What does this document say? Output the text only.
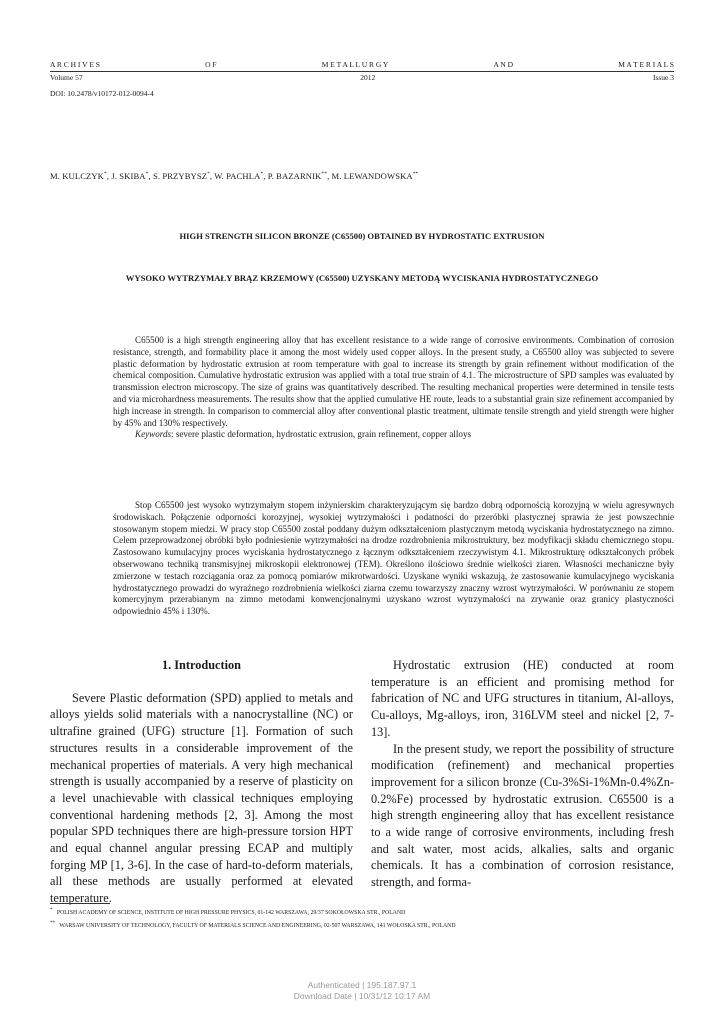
A R C H I V E S	O F	M E T A L L U R G Y	A N D	M A T E R I A L S
Volume 57	2012	Issue 3
DOI: 10.2478/v10172-012-0094-4
M. KULCZYK*, J. SKIBA*, S. PRZYBYSZ*, W. PACHLA*, P. BAZARNIK**, M. LEWANDOWSKA**
HIGH STRENGTH SILICON BRONZE (C65500) OBTAINED BY HYDROSTATIC EXTRUSION
WYSOKO WYTRZYMAŁY BRĄZ KRZEMOWY (C65500) UZYSKANY METODĄ WYCISKANIA HYDROSTATYCZNEGO

C65500 is a high strength engineering alloy that has excellent resistance to a wide range of corrosive environments. Combination of corrosion resistance, strength, and formability place it among the most widely used copper alloys. In the present study, a C65500 alloy was subjected to severe plastic deformation by hydrostatic extrusion at room temperature with goal to increase its strength by grain refinement without modification of the chemical composition. Cumulative hydrostatic extrusion was applied with a total true strain of 4.1. The microstructure of SPD samples was evaluated by transmission electron microscopy. The size of grains was quantitatively described. The resulting mechanical properties were determined in tensile tests and via microhardness measurements. The results show that the applied cumulative HE route, leads to a substantial grain size refinement accompanied by high increase in strength. In comparison to commercial alloy after conventional plastic treatment, ultimate tensile strength and yield strength were higher by 45% and 130% respectively.

Keywords: severe plastic deformation, hydrostatic extrusion, grain refinement, copper alloys

Stop C65500 jest wysoko wytrzymałym stopem inżynierskim charakteryzującym się bardzo dobrą odpornością korozyjną w wielu agresywnych środowiskach. Połączenie odporności korozyjnej, wysokiej wytrzymałości i podatności do przeróbki plastycznej sprawia że jest powszechnie stosowanym stopem miedzi. W pracy stop C65500 został poddany dużym odkształceniom plastycznym metodą wyciskania hydrostatycznego na zimno. Celem przeprowadzonej obróbki było podniesienie wytrzymałości na drodze rozdrobnienia mikrostruktury, bez modyfikacji składu chemicznego stopu. Zastosowano kumulacyjny proces wyciskania hydrostatycznego z łącznym odkształceniem rzeczywistym 4.1. Mikrostrukturę odkształconych próbek obserwowano techniką transmisyjnej mikroskopii elektronowej (TEM). Określono ilościowo średnie wielkości ziaren. Własności mechaniczne były zmierzone w testach rozciągania oraz za pomocą pomiarów mikrotwardości. Uzyskane wyniki wskazują, że zastosowanie kumulacyjnego wyciskania hydrostatycznego prowadzi do wyraźnego rozdrobnienia wielkości ziarna czemu towarzyszy znaczny wzrost wytrzymałości. W porównaniu ze stopem komercyjnym przerabianym na zimno metodami konwencjonalnymi uzyskano wzrost wytrzymałości na zrywanie oraz granicy plastyczności odpowiednio 45% i 130%.

1. Introduction

Severe Plastic deformation (SPD) applied to metals and alloys yields solid materials with a nanocrystalline (NC) or ultrafine grained (UFG) structure [1]. Formation of such structures results in a considerable improvement of the mechanical properties of materials. A very high mechanical strength is usually accompanied by a reserve of plasticity on a level unachievable with classical techniques employing conventional hardening methods [2, 3]. Among the most popular SPD techniques there are high-pressure torsion HPT and equal channel angular pressing ECAP and multiply forging MP [1, 3-6]. In the case of hard-to-deform materials, all these methods are usually performed at elevated temperature.

Hydrostatic extrusion (HE) conducted at room temperature is an efficient and promising method for fabrication of NC and UFG structures in titanium, Al-alloys, Cu-alloys, Mg-alloys, iron, 316LVM steel and nickel [2, 7-13].

In the present study, we report the possibility of structure modification (refinement) and mechanical properties improvement for a silicon bronze (Cu-3%Si-1%Mn-0.4%Zn-0.2%Fe) processed by hydrostatic extrusion. C65500 is a high strength engineering alloy that has excellent resistance to a wide range of corrosive environments, including fresh and salt water, most acids, alkalies, salts and organic chemicals. It has a combination of corrosion resistance, strength, and forma-

* POLISH ACADEMY OF SCIENCE, INSTITUTE OF HIGH PRESSURE PHYSICS, 01-142 WARSZAWA, 29/37 SOKOŁOWSKA STR., POLAND
** WARSAW UNIVERSITY OF TECHNOLOGY, FACULTY OF MATERIALS SCIENCE AND ENGINEERING, 02-507 WARSZAWA, 141 WOŁOSKA STR., POLAND
Authenticated | 195.187.97.1
Download Date | 10/31/12 10:17 AM
